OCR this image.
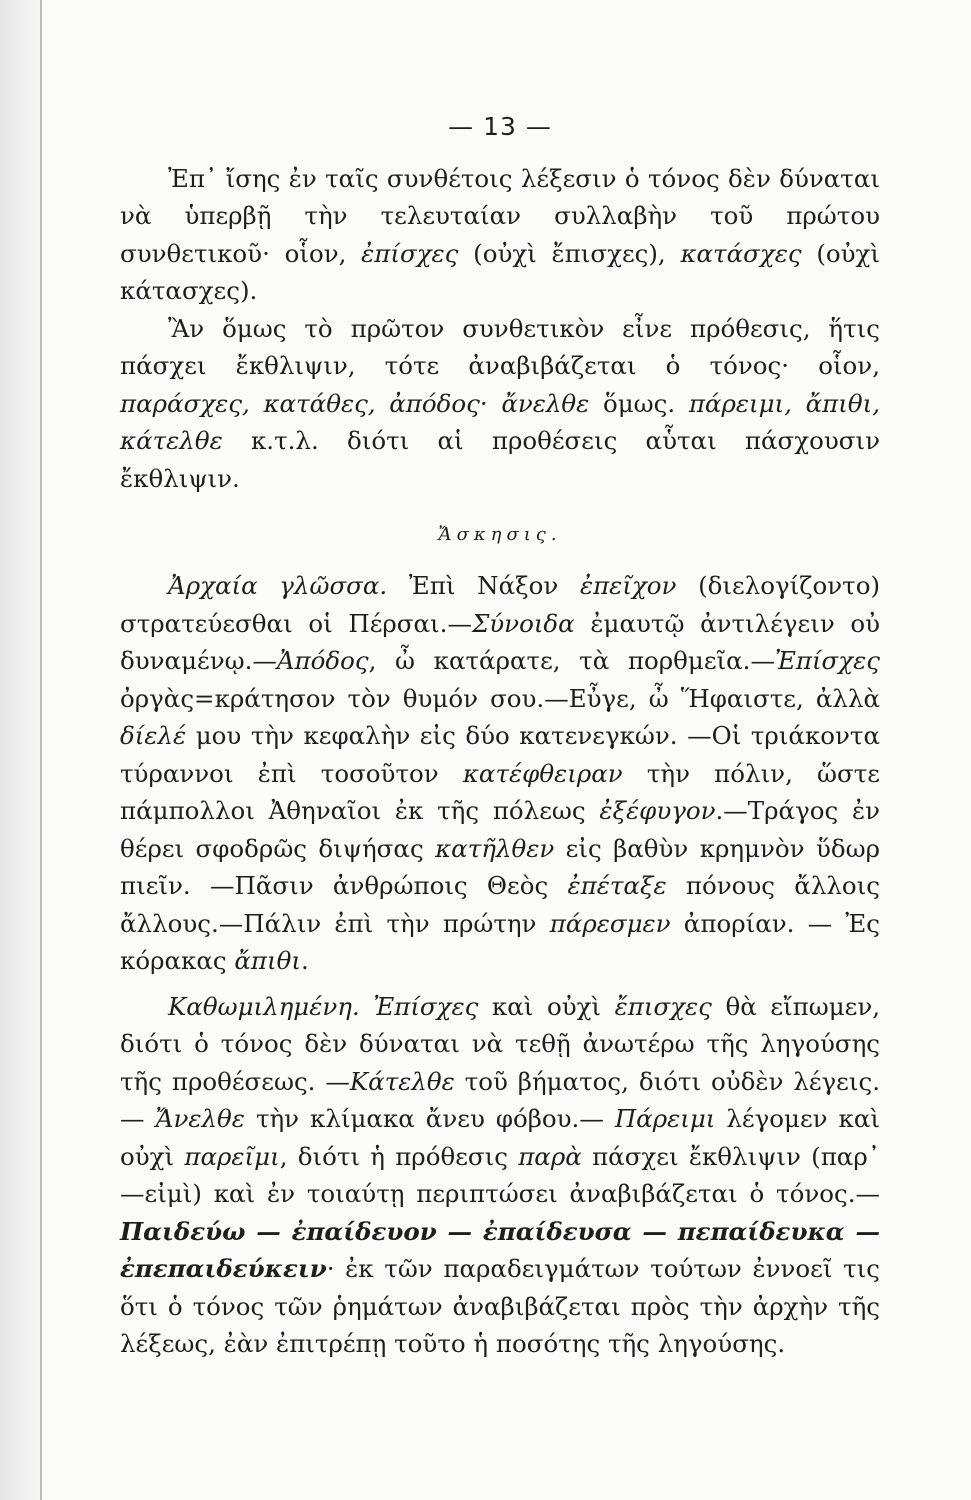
— 13 —

Ἐπ᾽ ἴσης ἐν ταῖς συνθέτοις λέξεσιν ὁ τόνος δὲν δύναται νὰ ὑπερβῇ τὴν τελευταίαν συλλαβὴν τοῦ πρώτου συνθετικοῦ· οἷον, ἐπίσχες (οὐχὶ ἔπισχες), κατάσχες (οὐχὶ κάτασχες).

Ἂν ὅμως τὸ πρῶτον συνθετικὸν εἶνε πρόθεσις, ἥτις πάσχει ἔκθλιψιν, τότε ἀναβιβάζεται ὁ τόνος· οἷον, παράσχες, κατάθες, ἀπόδος· ἄνελθε ὅμως. πάρειμι, ἄπιθι, κάτελθε κ.τ.λ. διότι αἱ προθέσεις αὗται πάσχουσιν ἔκθλιψιν.

Ἄσκησις.

Ἀρχαία γλῶσσα. Ἐπὶ Νάξον ἐπεῖχον (διελογίζοντο) στρατεύεσθαι οἱ Πέρσαι.—Σύνοιδα ἐμαυτῷ ἀντιλέγειν οὐ δυναμένῳ.—Ἀπόδος, ὦ κατάρατε, τὰ πορθμεῖα.—Ἐπίσχες ὀργὰς=κράτησον τὸν θυμόν σου.—Εὖγε, ὦ Ἥφαιστε, ἀλλὰ δίελέ μου τὴν κεφαλὴν εἰς δύο κατενεγκών. —Οἱ τριάκοντα τύραννοι ἐπὶ τοσοῦτον κατέφθειραν τὴν πόλιν, ὥστε πάμπολλοι Ἀθηναῖοι ἐκ τῆς πόλεως ἐξέφυγον.—Τράγος ἐν θέρει σφοδρῶς διψήσας κατῆλθεν εἰς βαθὺν κρημνὸν ὕδωρ πιεῖν. —Πᾶσιν ἀνθρώποις Θεὸς ἐπέταξε πόνους ἄλλοις ἄλλους.—Πάλιν ἐπὶ τὴν πρώτην πάρεσμεν ἀπορίαν. — Ἐς κόρακας ἄπιθι.

Καθωμιλημένη. Ἐπίσχες καὶ οὐχὶ ἔπισχες θὰ εἴπωμεν, διότι ὁ τόνος δὲν δύναται νὰ τεθῇ ἀνωτέρω τῆς ληγούσης τῆς προθέσεως. —Κάτελθε τοῦ βήματος, διότι οὐδὲν λέγεις.— Ἄνελθε τὴν κλίμακα ἄνευ φόβου.— Πάρειμι λέγομεν καὶ οὐχὶ παρεῖμι, διότι ἡ πρόθεσις παρὰ πάσχει ἔκθλιψιν (παρ᾽ —εἰμὶ) καὶ ἐν τοιαύτῃ περιπτώσει ἀναβιβάζεται ὁ τόνος.— Παιδεύω — ἐπαίδευον — ἐπαίδευσα — πεπαίδευκα — ἐπεπαιδεύκειν· ἐκ τῶν παραδειγμάτων τούτων ἐννοεῖ τις ὅτι ὁ τόνος τῶν ῥημάτων ἀναβιβάζεται πρὸς τὴν ἀρχὴν τῆς λέξεως, ἐὰν ἐπιτρέπῃ τοῦτο ἡ ποσότης τῆς ληγούσης.
